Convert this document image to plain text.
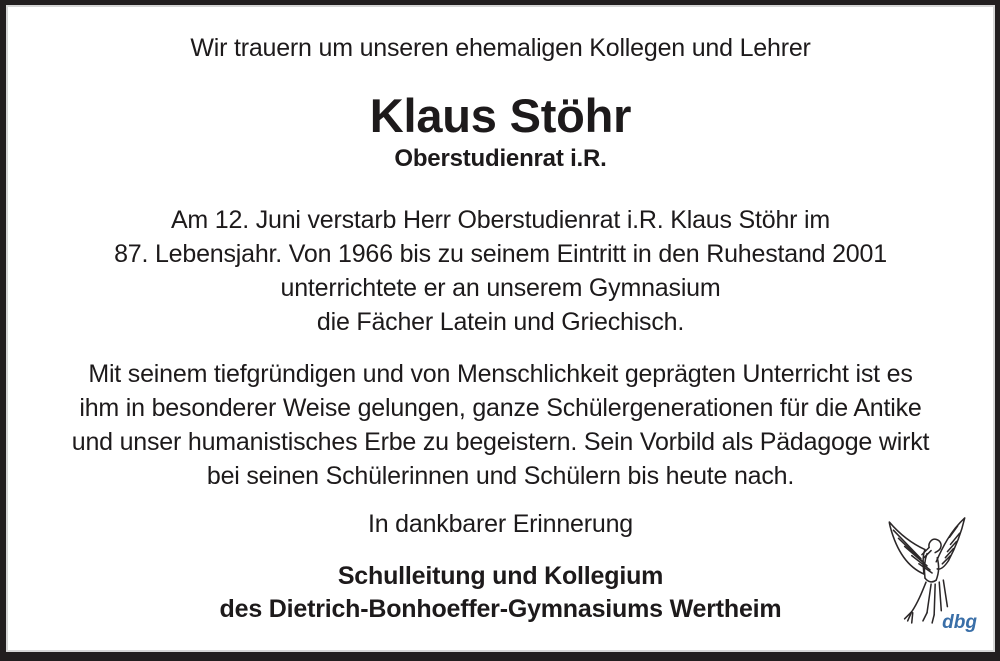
Wir trauern um unseren ehemaligen Kollegen und Lehrer
Klaus Stöhr
Oberstudienrat i.R.
Am 12. Juni verstarb Herr Oberstudienrat i.R. Klaus Stöhr im
87. Lebensjahr. Von 1966 bis zu seinem Eintritt in den Ruhestand 2001
unterrichtete er an unserem Gymnasium
die Fächer Latein und Griechisch.
Mit seinem tiefgründigen und von Menschlichkeit geprägten Unterricht ist es
ihm in besonderer Weise gelungen, ganze Schülergenerationen für die Antike
und unser humanistisches Erbe zu begeistern. Sein Vorbild als Pädagoge wirkt
bei seinen Schülerinnen und Schülern bis heute nach.
In dankbarer Erinnerung
Schulleitung und Kollegium
des Dietrich-Bonhoeffer-Gymnasiums Wertheim	dbg
